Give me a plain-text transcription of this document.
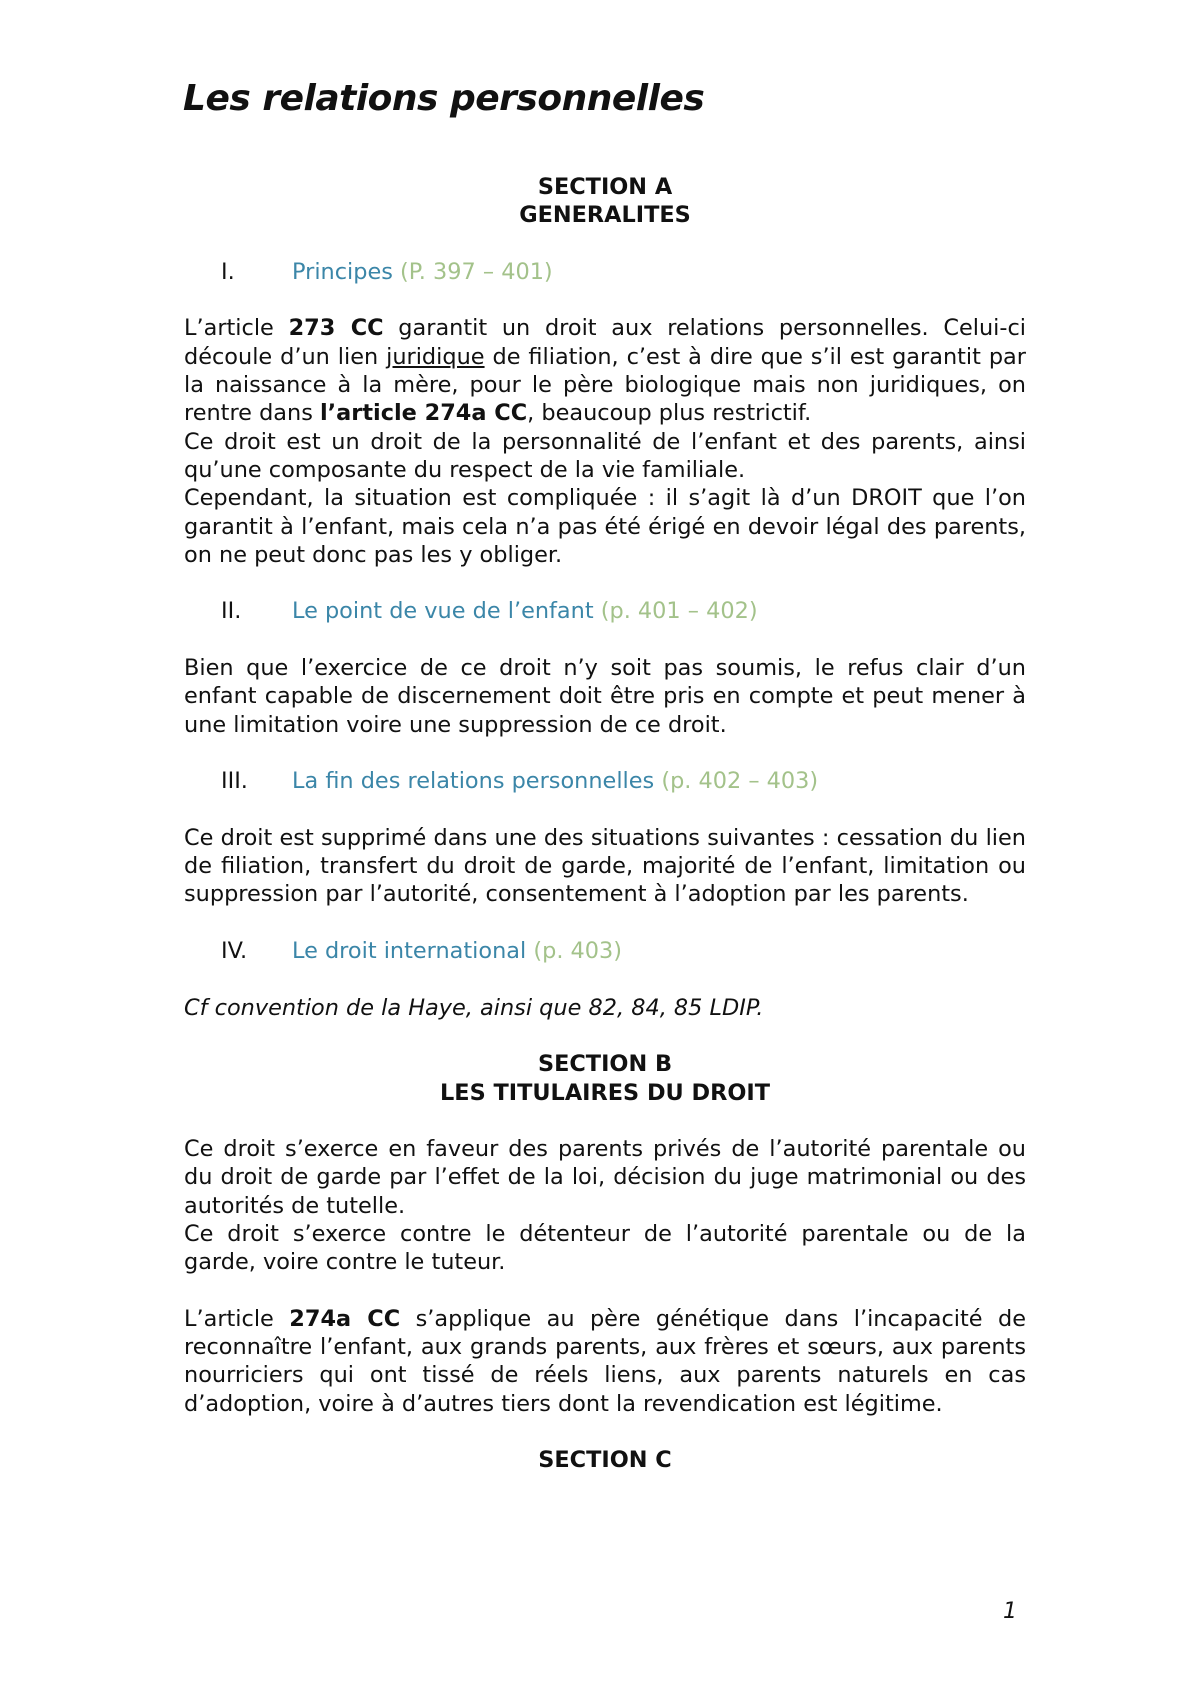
Les relations personnelles

SECTION A

GENERALITES

I.	Principes (P. 397 – 401)

L’article 273 CC garantit un droit aux relations personnelles. Celui-ci découle d’un lien juridique de filiation, c’est à dire que s’il est garantit par la naissance à la mère, pour le père biologique mais non juridiques, on rentre dans l’article 274a CC, beaucoup plus restrictif.

Ce droit est un droit de la personnalité de l’enfant et des parents, ainsi qu’une composante du respect de la vie familiale.

Cependant, la situation est compliquée : il s’agit là d’un DROIT que l’on garantit à l’enfant, mais cela n’a pas été érigé en devoir légal des parents, on ne peut donc pas les y obliger.

II. Le point de vue de l’enfant (p. 401 – 402)

Bien que l’exercice de ce droit n’y soit pas soumis, le refus clair d’un enfant capable de discernement doit être pris en compte et peut mener à une limitation voire une suppression de ce droit.

III. La fin des relations personnelles (p. 402 – 403)

Ce droit est supprimé dans une des situations suivantes : cessation du lien de filiation, transfert du droit de garde, majorité de l’enfant, limitation ou suppression par l’autorité, consentement à l’adoption par les parents.

IV. Le droit international (p. 403)

Cf convention de la Haye, ainsi que 82, 84, 85 LDIP.

SECTION B

LES TITULAIRES DU DROIT

Ce droit s’exerce en faveur des parents privés de l’autorité parentale ou du droit de garde par l’effet de la loi, décision du juge matrimonial ou des autorités de tutelle.

Ce droit s’exerce contre le détenteur de l’autorité parentale ou de la garde, voire contre le tuteur.

L’article 274a CC s’applique au père génétique dans l’incapacité de reconnaître l’enfant, aux grands parents, aux frères et sœurs, aux parents nourriciers qui ont tissé de réels liens, aux parents naturels en cas d’adoption, voire à d’autres tiers dont la revendication est légitime.

SECTION C

1
